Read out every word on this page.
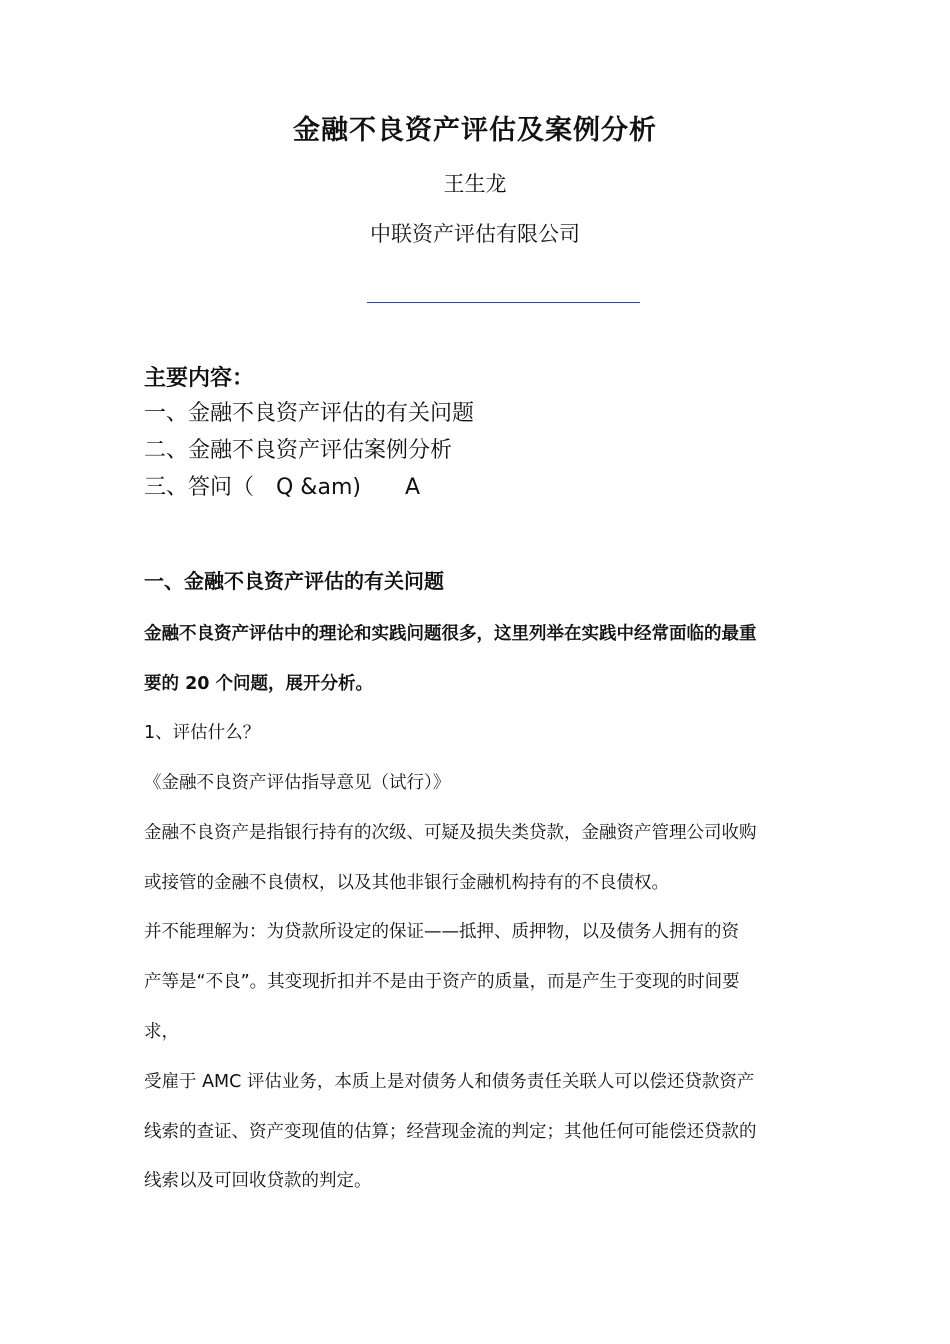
金融不良资产评估及案例分析
王生龙
中联资产评估有限公司
主要内容：
一、金融不良资产评估的有关问题
二、金融不良资产评估案例分析
三、答问（　Q &am)　　A
一、金融不良资产评估的有关问题
金融不良资产评估中的理论和实践问题很多，这里列举在实践中经常面临的最重
要的 20 个问题，展开分析。
1、评估什么？
《金融不良资产评估指导意见（试行）》
金融不良资产是指银行持有的次级、可疑及损失类贷款，金融资产管理公司收购
或接管的金融不良债权，以及其他非银行金融机构持有的不良债权。
并不能理解为：为贷款所设定的保证——抵押、质押物，以及债务人拥有的资
产等是“不良”。其变现折扣并不是由于资产的质量，而是产生于变现的时间要
求，
受雇于 AMC 评估业务，本质上是对债务人和债务责任关联人可以偿还贷款资产
线索的查证、资产变现值的估算；经营现金流的判定；其他任何可能偿还贷款的
线索以及可回收贷款的判定。
